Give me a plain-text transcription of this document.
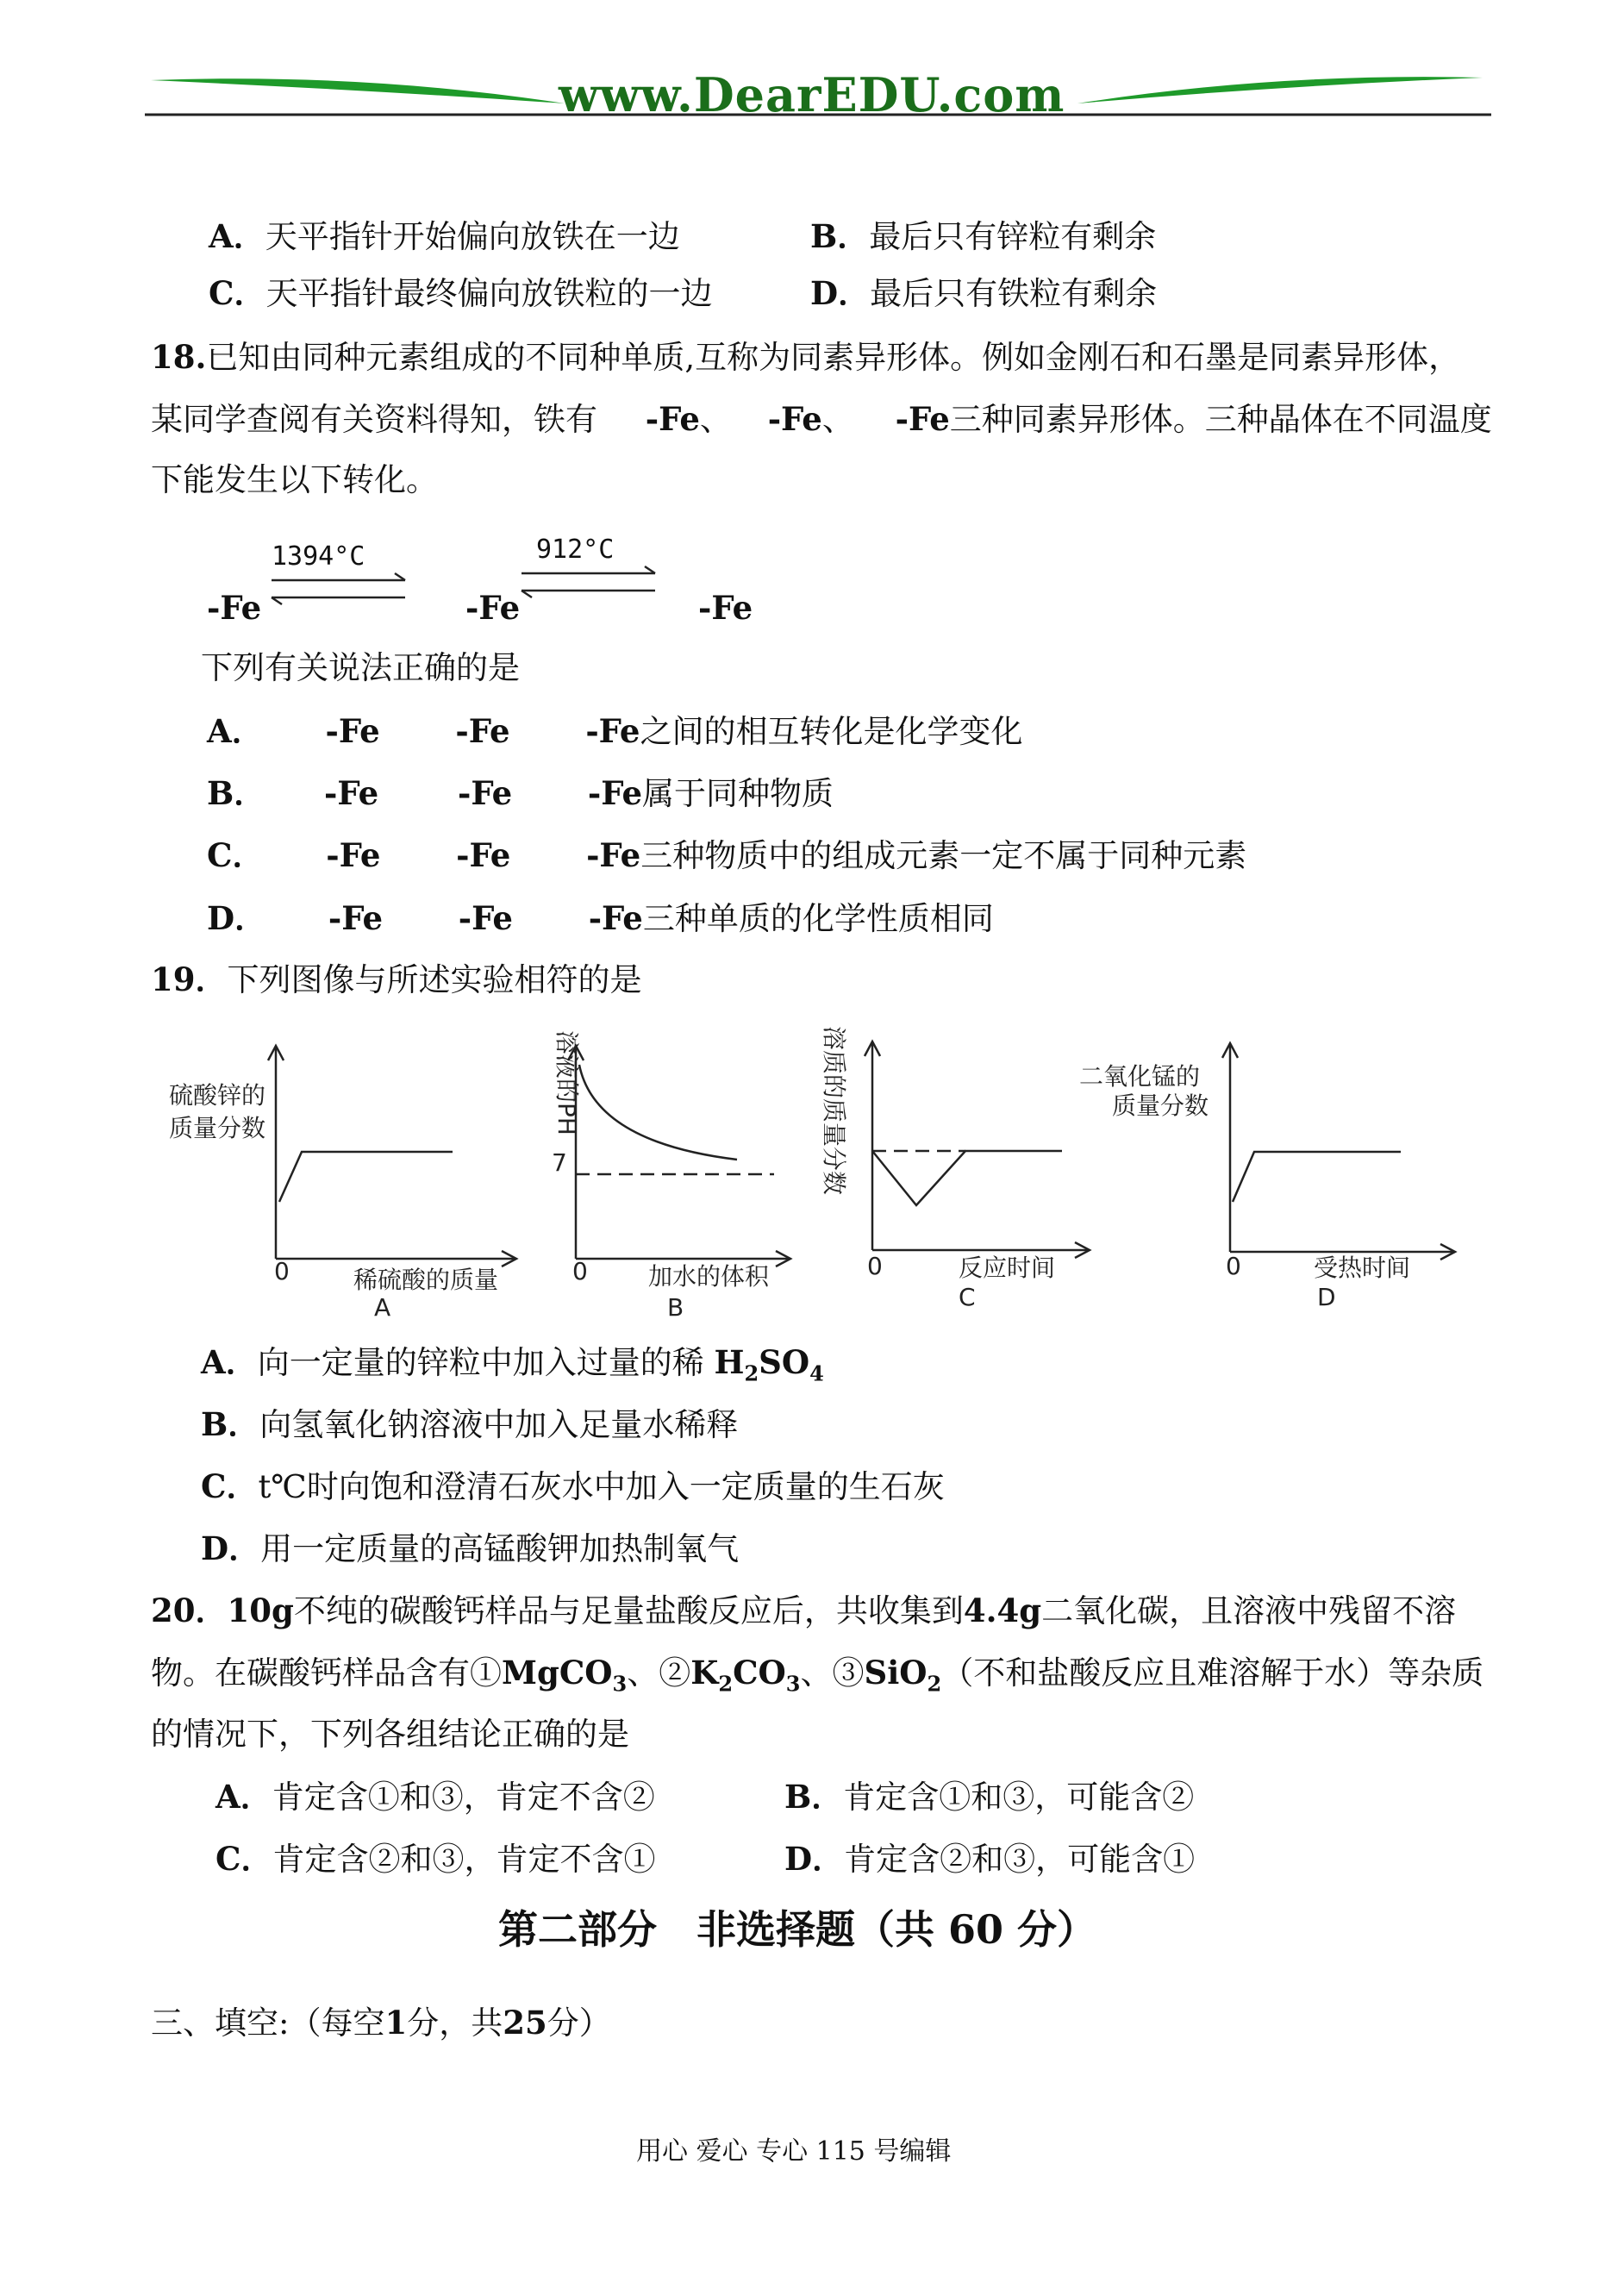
www.DearEDU.com
A．天平指针开始偏向放铁在一边	B．最后只有锌粒有剩余
C．天平指针最终偏向放铁粒的一边	D．最后只有铁粒有剩余
18.已知由同种元素组成的不同种单质,互称为同素异形体。例如金刚石和石墨是同素异形体，
某同学查阅有关资料得知，铁有 -Fe、 -Fe、 -Fe三种同素异形体。三种晶体在不同温度
下能发生以下转化。
1394°C	912°C
-Fe	-Fe	-Fe
下列有关说法正确的是
A． -Fe -Fe -Fe之间的相互转化是化学变化
B． -Fe -Fe -Fe属于同种物质
C． -Fe -Fe -Fe三种物质中的组成元素一定不属于同种元素
D． -Fe -Fe -Fe三种单质的化学性质相同
19．下列图像与所述实验相符的是
硫酸锌的
质量分数
0	稀硫酸的质量
A
溶液的PH
7
0	加水的体积
B
溶质的质量分数
0	反应时间
C
二氧化锰的
质量分数
0	受热时间
D
A．向一定量的锌粒中加入过量的稀 $H_2SO_4$
B．向氢氧化钠溶液中加入足量水稀释
C．t℃时向饱和澄清石灰水中加入一定质量的生石灰
D．用一定质量的高锰酸钾加热制氧气
20．10g不纯的碳酸钙样品与足量盐酸反应后，共收集到4.4g二氧化碳，且溶液中残留不溶
物。在碳酸钙样品含有①MgCO$_3$、$②K_2CO_3$、③SiO$_2$（不和盐酸反应且难溶解于水）等杂质
的情况下，下列各组结论正确的是
A．肯定含①和③，肯定不含②	B．肯定含①和③，可能含②
C．肯定含②和③，肯定不含①	D．肯定含②和③，可能含①
第二部分　非选择题（共 60 分）
三、填空:（每空1分，共25分）
用心 爱心 专心 115 号编辑
